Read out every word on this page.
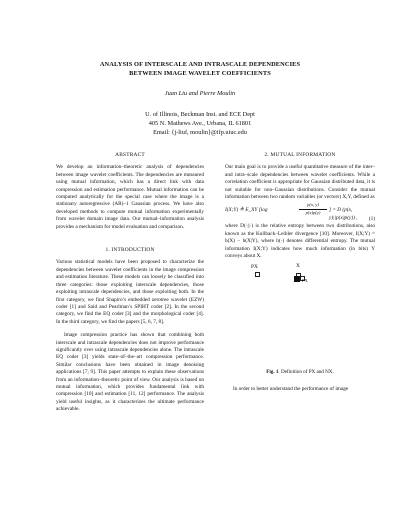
ANALYSIS OF INTERSCALE AND INTRASCALE DEPENDENCIES
BETWEEN IMAGE WAVELET COEFFICIENTS
Juan Liu and Pierre Moulin
U. of Illinois, Beckman Inst. and ECE Dept
405 N. Mathews Ave., Urbana, IL 61801
Email: {j-liuf, moulin}@ifp.uiuc.edu
ABSTRACT

We develop an information–theoretic analysis of dependencies between image wavelet coefficients. The dependencies are measured using mutual information, which has a direct link with data compression and estimation performance. Mutual information can be computed analytically for the special case where the image is a stationary autoregressive (AR)–1 Gaussian process. We have also developed methods to compute mutual information experimentally from wavelet domain image data. Our mutual–information analysis provides a mechanism for model evaluation and comparison.

1. INTRODUCTION

Various statistical models have been proposed to characterize the dependencies between wavelet coefficients in the image compression and estimation literature. These models can loosely be classified into three categories: those exploiting interscale dependencies, those exploiting intrascale dependencies, and those exploiting both. In the first category, we find Shapiro’s embedded zerotree wavelet (EZW) coder [1] and Said and Pearlman’s SPIHT coder [2]. In the second category, we find the EQ coder [3] and the morphological coder [4]. In the third category, we find the papers [5, 6, 7, 8].

Image compression practice has shown that combining both interscale and intrascale dependencies does not improve performance significantly over using intrascale dependencies alone. The intrascale EQ coder [3] yields state–of–the–art compression performance. Similar conclusions have been obtained in image denoising applications [7, 9]. This paper attempts to explain these observations from an information–theoretic point of view. Our analysis is based on mutual information, which provides fundamental link with compression [10] and estimation [11, 12] performance. The analysis yield useful insights, as it characterizes the ultimate performance achievable.

2. MUTUAL INFORMATION

Our main goal is to provide a useful quantitative measure of the inter– and intra–scale dependencies between wavelet coefficients. While a correlation coefficient is appropriate for Gaussian distributed data, it is not suitable for non–Gaussian distributions. Consider the mutual information between two random variables (or vectors) X,Y, defined as

I(X;Y) ≜ E_XY [log
p(x, y)
p(x)p(y)	] = D (p(x, y)||p(x)p(y)) ,	(1)

where D(·||·) is the relative entropy between two distributions, also known as the Kullback–Leibler divergence [10]. Moreover, I(X;Y) = h(X) − h(X|Y), where h(·) denotes differential entropy. The mutual information I(X;Y) indicates how much information (in bits) Y conveys about X.

PX	X
PX
Fig. 1. Definition of PX and NX.

In order to better understand the performance of image
